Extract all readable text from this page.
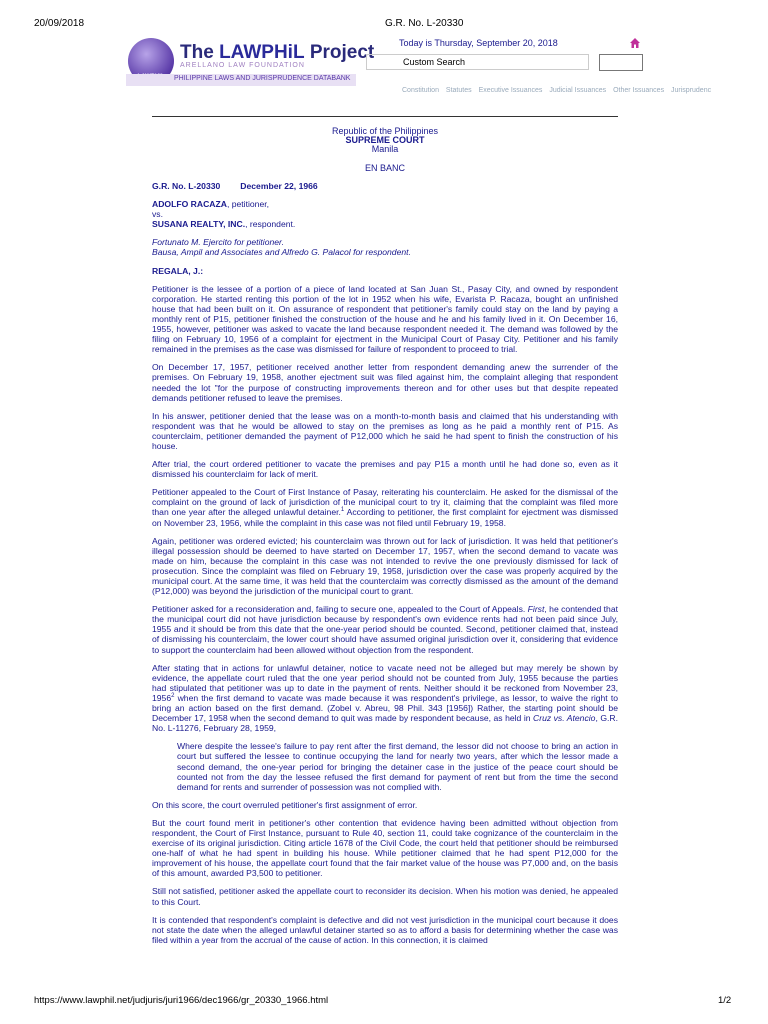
20/09/2018	G.R. No. L-20330
The LAWPHiL Project
ARELLANO LAW FOUNDATION
PHILIPPINE LAWS AND JURISPRUDENCE DATABANK
Today is Thursday, September 20, 2018
Custom Search
Constitution Statutes Executive Issuances Judicial Issuances Other Issuances Jurisprudenc
Republic of the Philippines
SUPREME COURT
Manila
EN BANC

G.R. No. L-20330 December 22, 1966

ADOLFO RACAZA, petitioner,
vs.
SUSANA REALTY, INC., respondent.

Fortunato M. Ejercito for petitioner.
Bausa, Ampil and Associates and Alfredo G. Palacol for respondent.

REGALA, J.:

Petitioner is the lessee of a portion of a piece of land located at San Juan St., Pasay City, and owned by respondent corporation. He started renting this portion of the lot in 1952 when his wife, Evarista P. Racaza, bought an unfinished house that had been built on it. On assurance of respondent that petitioner's family could stay on the land by paying a monthly rent of P15, petitioner finished the construction of the house and he and his family lived in it. On December 16, 1955, however, petitioner was asked to vacate the land because respondent needed it. The demand was followed by the filing on February 10, 1956 of a complaint for ejectment in the Municipal Court of Pasay City. Petitioner and his family remained in the premises as the case was dismissed for failure of respondent to proceed to trial.

On December 17, 1957, petitioner received another letter from respondent demanding anew the surrender of the premises. On February 19, 1958, another ejectment suit was filed against him, the complaint alleging that respondent needed the lot "for the purpose of constructing improvements thereon and for other uses but that despite repeated demands petitioner refused to leave the premises.

In his answer, petitioner denied that the lease was on a month-to-month basis and claimed that his understanding with respondent was that he would be allowed to stay on the premises as long as he paid a monthly rent of P15. As counterclaim, petitioner demanded the payment of P12,000 which he said he had spent to finish the construction of his house.

After trial, the court ordered petitioner to vacate the premises and pay P15 a month until he had done so, even as it dismissed his counterclaim for lack of merit.

Petitioner appealed to the Court of First Instance of Pasay, reiterating his counterclaim. He asked for the dismissal of the complaint on the ground of lack of jurisdiction of the municipal court to try it, claiming that the complaint was filed more than one year after the alleged unlawful detainer.$^1$ According to petitioner, the first complaint for ejectment was dismissed on November 23, 1956, while the complaint in this case was not filed until February 19, 1958.

Again, petitioner was ordered evicted; his counterclaim was thrown out for lack of jurisdiction. It was held that petitioner's illegal possession should be deemed to have started on December 17, 1957, when the second demand to vacate was made on him, because the complaint in this case was not intended to revive the one previously dismissed for lack of prosecution. Since the complaint was filed on February 19, 1958, jurisdiction over the case was properly acquired by the municipal court. At the same time, it was held that the counterclaim was correctly dismissed as the amount of the demand (P12,000) was beyond the jurisdiction of the municipal court to grant.

Petitioner asked for a reconsideration and, failing to secure one, appealed to the Court of Appeals. First, he contended that the municipal court did not have jurisdiction because by respondent's own evidence rents had not been paid since July, 1955 and it should be from this date that the one-year period should be counted. Second, petitioner claimed that, instead of dismissing his counterclaim, the lower court should have assumed original jurisdiction over it, considering that evidence to support the counterclaim had been allowed without objection from the respondent.

After stating that in actions for unlawful detainer, notice to vacate need not be alleged but may merely be shown by evidence, the appellate court ruled that the one year period should not be counted from July, 1955 because the parties had stipulated that petitioner was up to date in the payment of rents. Neither should it be reckoned from November 23, 1956$^2$ when the first demand to vacate was made because it was respondent's privilege, as lessor, to waive the right to bring an action based on the first demand. (Zobel v. Abreu, 98 Phil. 343 [1956]) Rather, the starting point should be December 17, 1958 when the second demand to quit was made by respondent because, as held in Cruz vs. Atencio, G.R. No. L-11276, February 28, 1959,

Where despite the lessee's failure to pay rent after the first demand, the lessor did not choose to bring an action in court but suffered the lessee to continue occupying the land for nearly two years, after which the lessor made a second demand, the one-year period for bringing the detainer case in the justice of the peace court should be counted not from the day the lessee refused the first demand for payment of rent but from the time the second demand for rents and surrender of possession was not complied with.

On this score, the court overruled petitioner's first assignment of error.

But the court found merit in petitioner's other contention that evidence having been admitted without objection from respondent, the Court of First Instance, pursuant to Rule 40, section 11, could take cognizance of the counterclaim in the exercise of its original jurisdiction. Citing article 1678 of the Civil Code, the court held that petitioner should be reimbursed one-half of what he had spent in building his house. While petitioner claimed that he had spent P12,000 for the improvement of his house, the appellate court found that the fair market value of the house was P7,000 and, on the basis of this amount, awarded P3,500 to petitioner.

Still not satisfied, petitioner asked the appellate court to reconsider its decision. When his motion was denied, he appealed to this Court.

It is contended that respondent's complaint is defective and did not vest jurisdiction in the municipal court because it does not state the date when the alleged unlawful detainer started so as to afford a basis for determining whether the case was filed within a year from the accrual of the cause of action. In this connection, it is claimed

https://www.lawphil.net/judjuris/juri1966/dec1966/gr_20330_1966.html	1/2
